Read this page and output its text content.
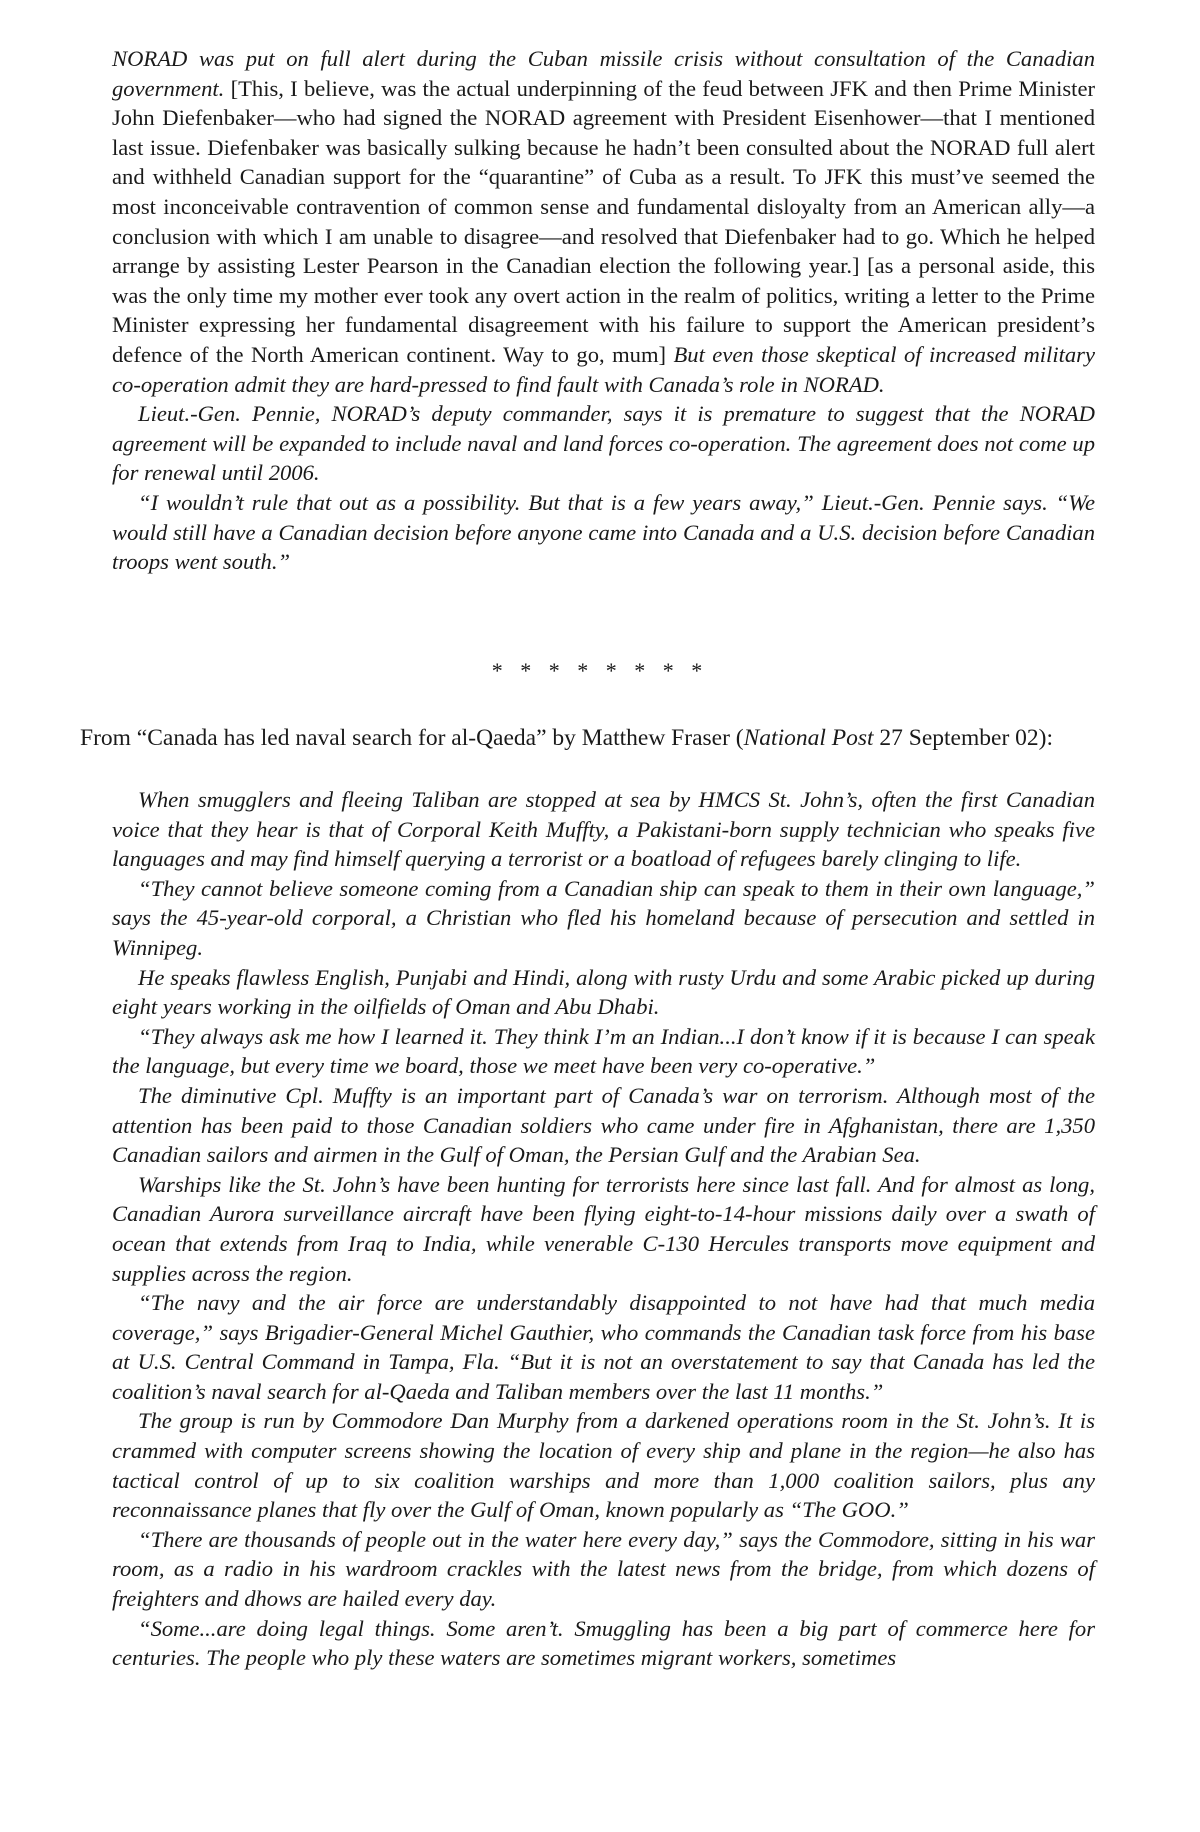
NORAD was put on full alert during the Cuban missile crisis without consultation of the Canadian government. [This, I believe, was the actual underpinning of the feud between JFK and then Prime Minister John Diefenbaker—who had signed the NORAD agreement with President Eisenhower—that I mentioned last issue. Diefenbaker was basically sulking because he hadn’t been consulted about the NORAD full alert and withheld Canadian support for the “quarantine” of Cuba as a result. To JFK this must’ve seemed the most inconceivable contravention of common sense and fundamental disloyalty from an American ally—a conclusion with which I am unable to disagree—and resolved that Diefenbaker had to go. Which he helped arrange by assisting Lester Pearson in the Canadian election the following year.] [as a personal aside, this was the only time my mother ever took any overt action in the realm of politics, writing a letter to the Prime Minister expressing her fundamental disagreement with his failure to support the American president’s defence of the North American continent. Way to go, mum] But even those skeptical of increased military co-operation admit they are hard-pressed to find fault with Canada’s role in NORAD.

Lieut.-Gen. Pennie, NORAD’s deputy commander, says it is premature to suggest that the NORAD agreement will be expanded to include naval and land forces co-operation. The agreement does not come up for renewal until 2006.

“I wouldn’t rule that out as a possibility. But that is a few years away,” Lieut.-Gen. Pennie says. “We would still have a Canadian decision before anyone came into Canada and a U.S. decision before Canadian troops went south.”

* * * * * * * *

From “Canada has led naval search for al-Qaeda” by Matthew Fraser (National Post 27 September 02):

When smugglers and fleeing Taliban are stopped at sea by HMCS St. John’s, often the first Canadian voice that they hear is that of Corporal Keith Muffty, a Pakistani-born supply technician who speaks five languages and may find himself querying a terrorist or a boatload of refugees barely clinging to life.

“They cannot believe someone coming from a Canadian ship can speak to them in their own language,” says the 45-year-old corporal, a Christian who fled his homeland because of persecution and settled in Winnipeg.

He speaks flawless English, Punjabi and Hindi, along with rusty Urdu and some Arabic picked up during eight years working in the oilfields of Oman and Abu Dhabi.

“They always ask me how I learned it. They think I’m an Indian...I don’t know if it is because I can speak the language, but every time we board, those we meet have been very co-operative.”

The diminutive Cpl. Muffty is an important part of Canada’s war on terrorism. Although most of the attention has been paid to those Canadian soldiers who came under fire in Afghanistan, there are 1,350 Canadian sailors and airmen in the Gulf of Oman, the Persian Gulf and the Arabian Sea.

Warships like the St. John’s have been hunting for terrorists here since last fall. And for almost as long, Canadian Aurora surveillance aircraft have been flying eight-to-14-hour missions daily over a swath of ocean that extends from Iraq to India, while venerable C-130 Hercules transports move equipment and supplies across the region.

“The navy and the air force are understandably disappointed to not have had that much media coverage,” says Brigadier-General Michel Gauthier, who commands the Canadian task force from his base at U.S. Central Command in Tampa, Fla. “But it is not an overstatement to say that Canada has led the coalition’s naval search for al-Qaeda and Taliban members over the last 11 months.”

The group is run by Commodore Dan Murphy from a darkened operations room in the St. John’s. It is crammed with computer screens showing the location of every ship and plane in the region—he also has tactical control of up to six coalition warships and more than 1,000 coalition sailors, plus any reconnaissance planes that fly over the Gulf of Oman, known popularly as “The GOO.”

“There are thousands of people out in the water here every day,” says the Commodore, sitting in his war room, as a radio in his wardroom crackles with the latest news from the bridge, from which dozens of freighters and dhows are hailed every day.

“Some...are doing legal things. Some aren’t. Smuggling has been a big part of commerce here for centuries. The people who ply these waters are sometimes migrant workers, sometimes
